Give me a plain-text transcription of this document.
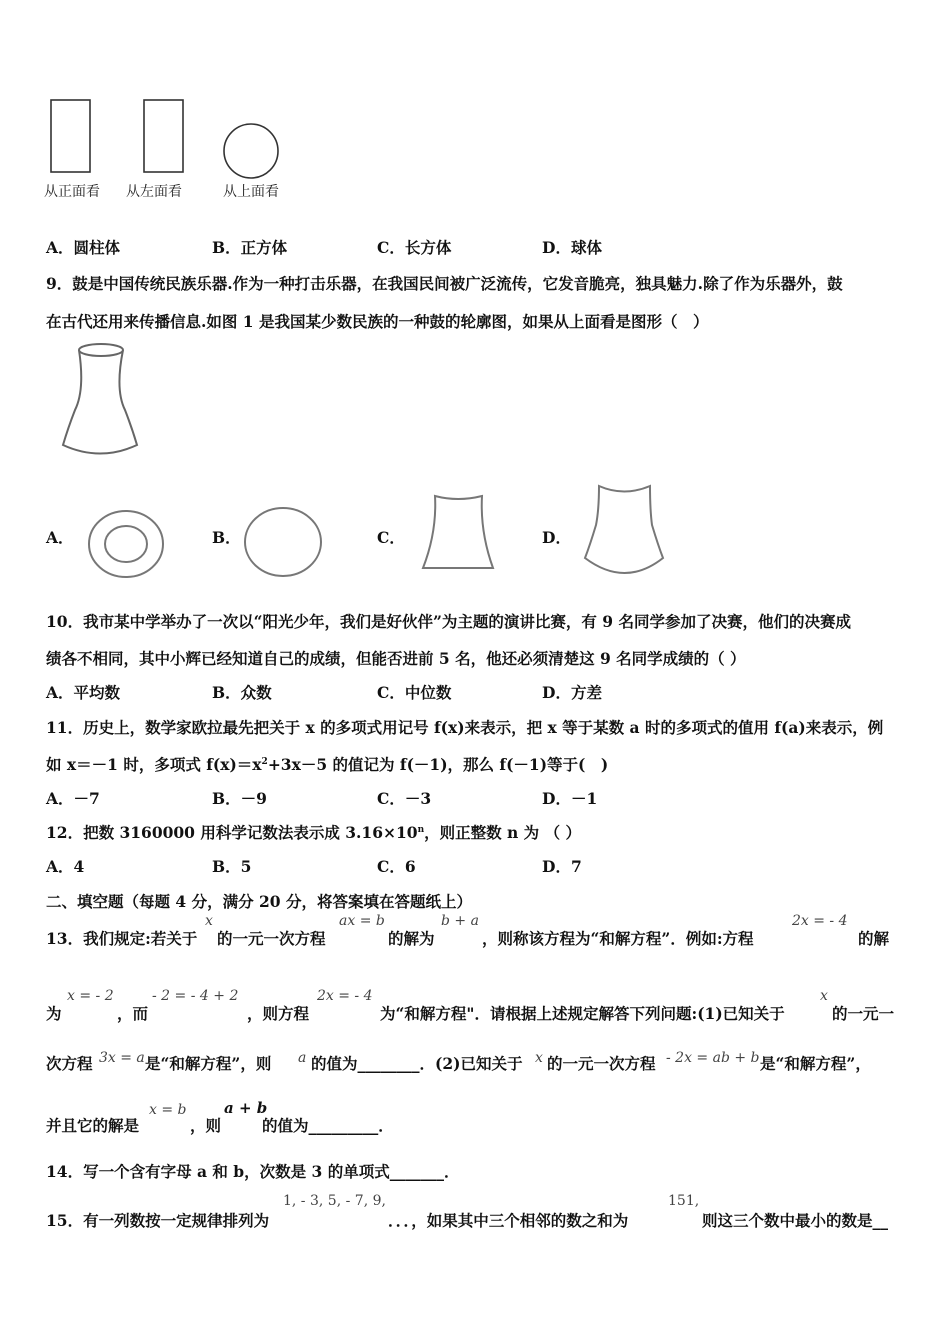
从正面看 从左面看	从上面看
A．圆柱体	B．正方体	C．长方体	D．球体
9．鼓是中国传统民族乐器.作为一种打击乐器，在我国民间被广泛流传，它发音脆亮，独具魅力.除了作为乐器外，鼓
在古代还用来传播信息.如图 1 是我国某少数民族的一种鼓的轮廓图，如果从上面看是图形（　）
A．	B．	C．	D．
10．我市某中学举办了一次以“阳光少年，我们是好伙伴”为主题的演讲比赛，有 9 名同学参加了决赛，他们的决赛成
绩各不相同，其中小辉已经知道自己的成绩，但能否进前 5 名，他还必须清楚这 9 名同学成绩的（ ）
A．平均数	B．众数	C．中位数	D．方差
11．历史上，数学家欧拉最先把关于 x 的多项式用记号 f(x)来表示，把 x 等于某数 a 时的多项式的值用 f(a)来表示，例
如 x＝－1 时，多项式 $f(x)=x^2+3x-5$ 的值记为 f(－1)，那么 f(－1)等于(　)
A．－7	B．－9	C．－3	D．－1
12．把数 3160000 用科学记数法表示成 $3.16\times 10^n$，则正整数 n 为 （ ）
A．4	B．5	C．6	D．7
二、填空题（每题 4 分，满分 20 分，将答案填在答题纸上）
13．我们规定:若关于
x
的一元一次方程
ax = b
的解为
b + a
，则称该方程为“和解方程”．例如:方程
2x = - 4
的解
为
x = - 2
，而
- 2 = - 4 + 2
，则方程
2x = - 4
为“和解方程"．请根据上述规定解答下列问题:(1)已知关于
x
的一元一
次方程 3x = a 是“和解方程”，则 a 的值为________．(2)已知关于 x 的一元一次方程 - 2x = ab + b 是“和解方程”，
并且它的解是
x = b
，则
a + b
的值为_________．
14．写一个含有字母 a 和 b，次数是 3 的单项式_______．
15．有一列数按一定规律排列为
1, - 3, 5, - 7, 9,
．．．，如果其中三个相邻的数之和为
151,
则这三个数中最小的数是__
